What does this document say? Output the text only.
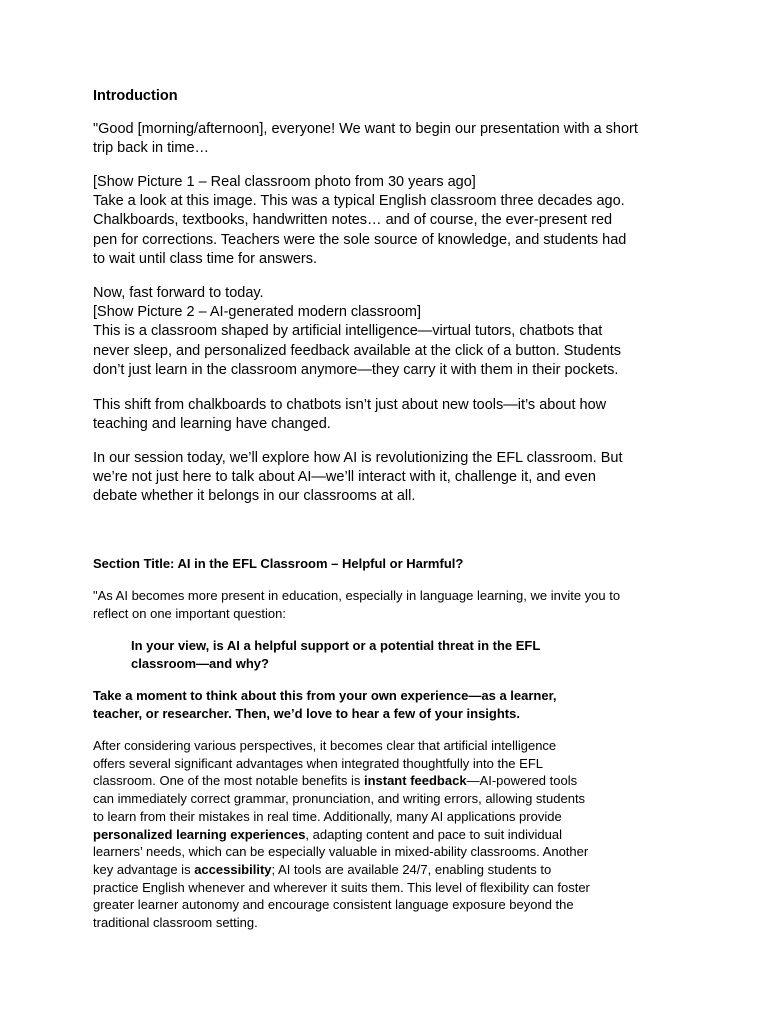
Introduction
"Good [morning/afternoon], everyone! We want to begin our presentation with a short
trip back in time…
[Show Picture 1 – Real classroom photo from 30 years ago]
Take a look at this image. This was a typical English classroom three decades ago.
Chalkboards, textbooks, handwritten notes… and of course, the ever-present red
pen for corrections. Teachers were the sole source of knowledge, and students had
to wait until class time for answers.
Now, fast forward to today.
[Show Picture 2 – AI-generated modern classroom]
This is a classroom shaped by artificial intelligence—virtual tutors, chatbots that
never sleep, and personalized feedback available at the click of a button. Students
don’t just learn in the classroom anymore—they carry it with them in their pockets.
This shift from chalkboards to chatbots isn’t just about new tools—it’s about how
teaching and learning have changed.
In our session today, we’ll explore how AI is revolutionizing the EFL classroom. But
we’re not just here to talk about AI—we’ll interact with it, challenge it, and even
debate whether it belongs in our classrooms at all.
Section Title: AI in the EFL Classroom – Helpful or Harmful?
"As AI becomes more present in education, especially in language learning, we invite you to
reflect on one important question:
In your view, is AI a helpful support or a potential threat in the EFL
classroom—and why?
Take a moment to think about this from your own experience—as a learner,
teacher, or researcher. Then, we’d love to hear a few of your insights.
After considering various perspectives, it becomes clear that artificial intelligence
offers several significant advantages when integrated thoughtfully into the EFL
classroom. One of the most notable benefits is instant feedback—AI-powered tools
can immediately correct grammar, pronunciation, and writing errors, allowing students
to learn from their mistakes in real time. Additionally, many AI applications provide
personalized learning experiences, adapting content and pace to suit individual
learners’ needs, which can be especially valuable in mixed-ability classrooms. Another
key advantage is accessibility; AI tools are available 24/7, enabling students to
practice English whenever and wherever it suits them. This level of flexibility can foster
greater learner autonomy and encourage consistent language exposure beyond the
traditional classroom setting.
